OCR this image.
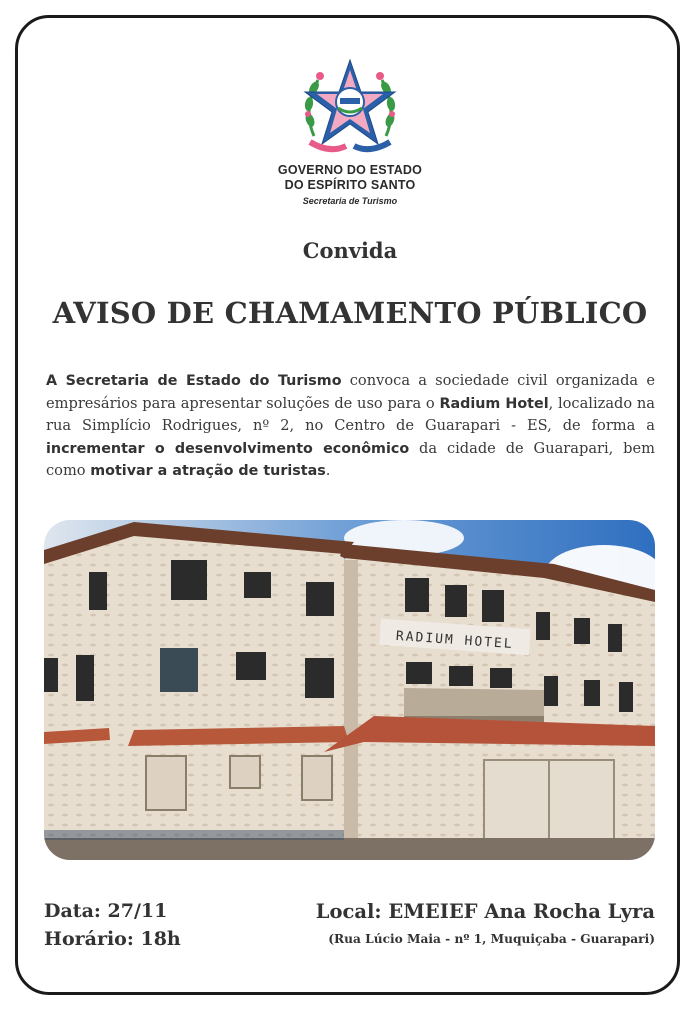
GOVERNO DO ESTADO
DO ESPÍRITO SANTO
Secretaria de Turismo
Convida
AVISO DE CHAMAMENTO PÚBLICO
A Secretaria de Estado do Turismo convoca a sociedade civil organizada e empresários para apresentar soluções de uso para o Radium Hotel, localizado na rua Simplício Rodrigues, nº 2, no Centro de Guarapari - ES, de forma a incrementar o desenvolvimento econômico da cidade de Guarapari, bem como motivar a atração de turistas.
RADIUM HOTEL
Data: 27/11
Horário: 18h
Local: EMEIEF Ana Rocha Lyra
(Rua Lúcio Maia - nº 1, Muquiçaba - Guarapari)
